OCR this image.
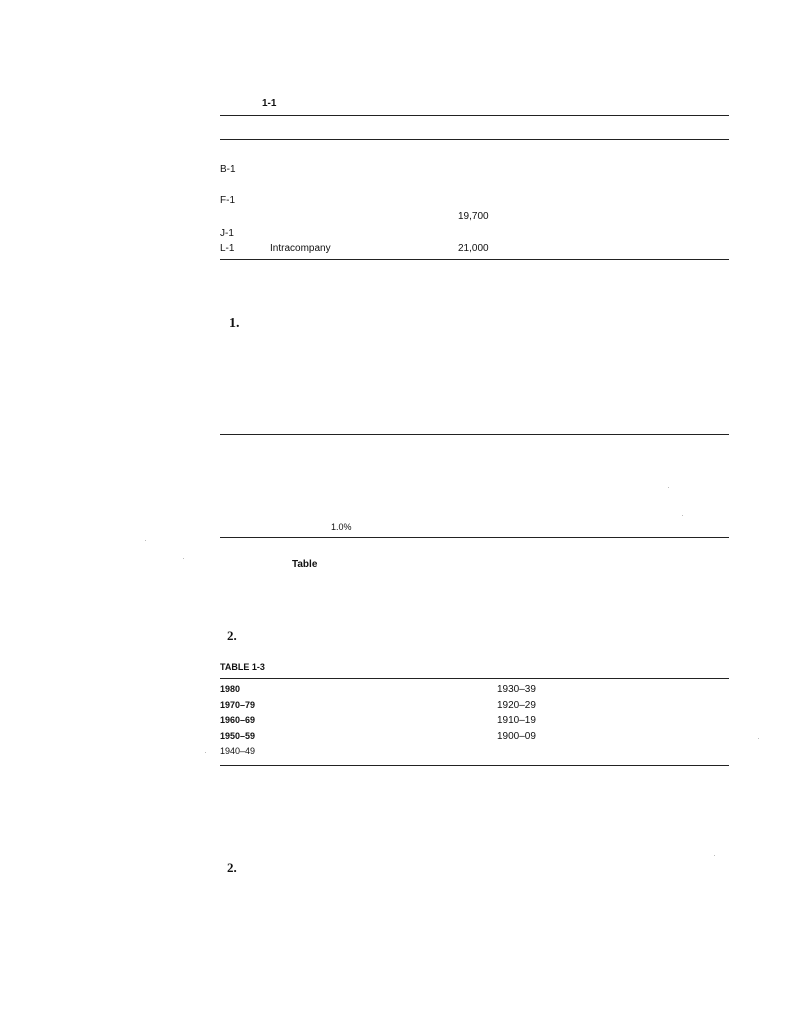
1-1
B-1
F-1
19,700
J-1
L-1	Intracompany	21,000
1.
1.0%
Table
2.
TABLE 1-3
1980
1970–79
1960–69
1950–59
1940–49
1930–39
1920–29
1910–19
1900–09
2.
